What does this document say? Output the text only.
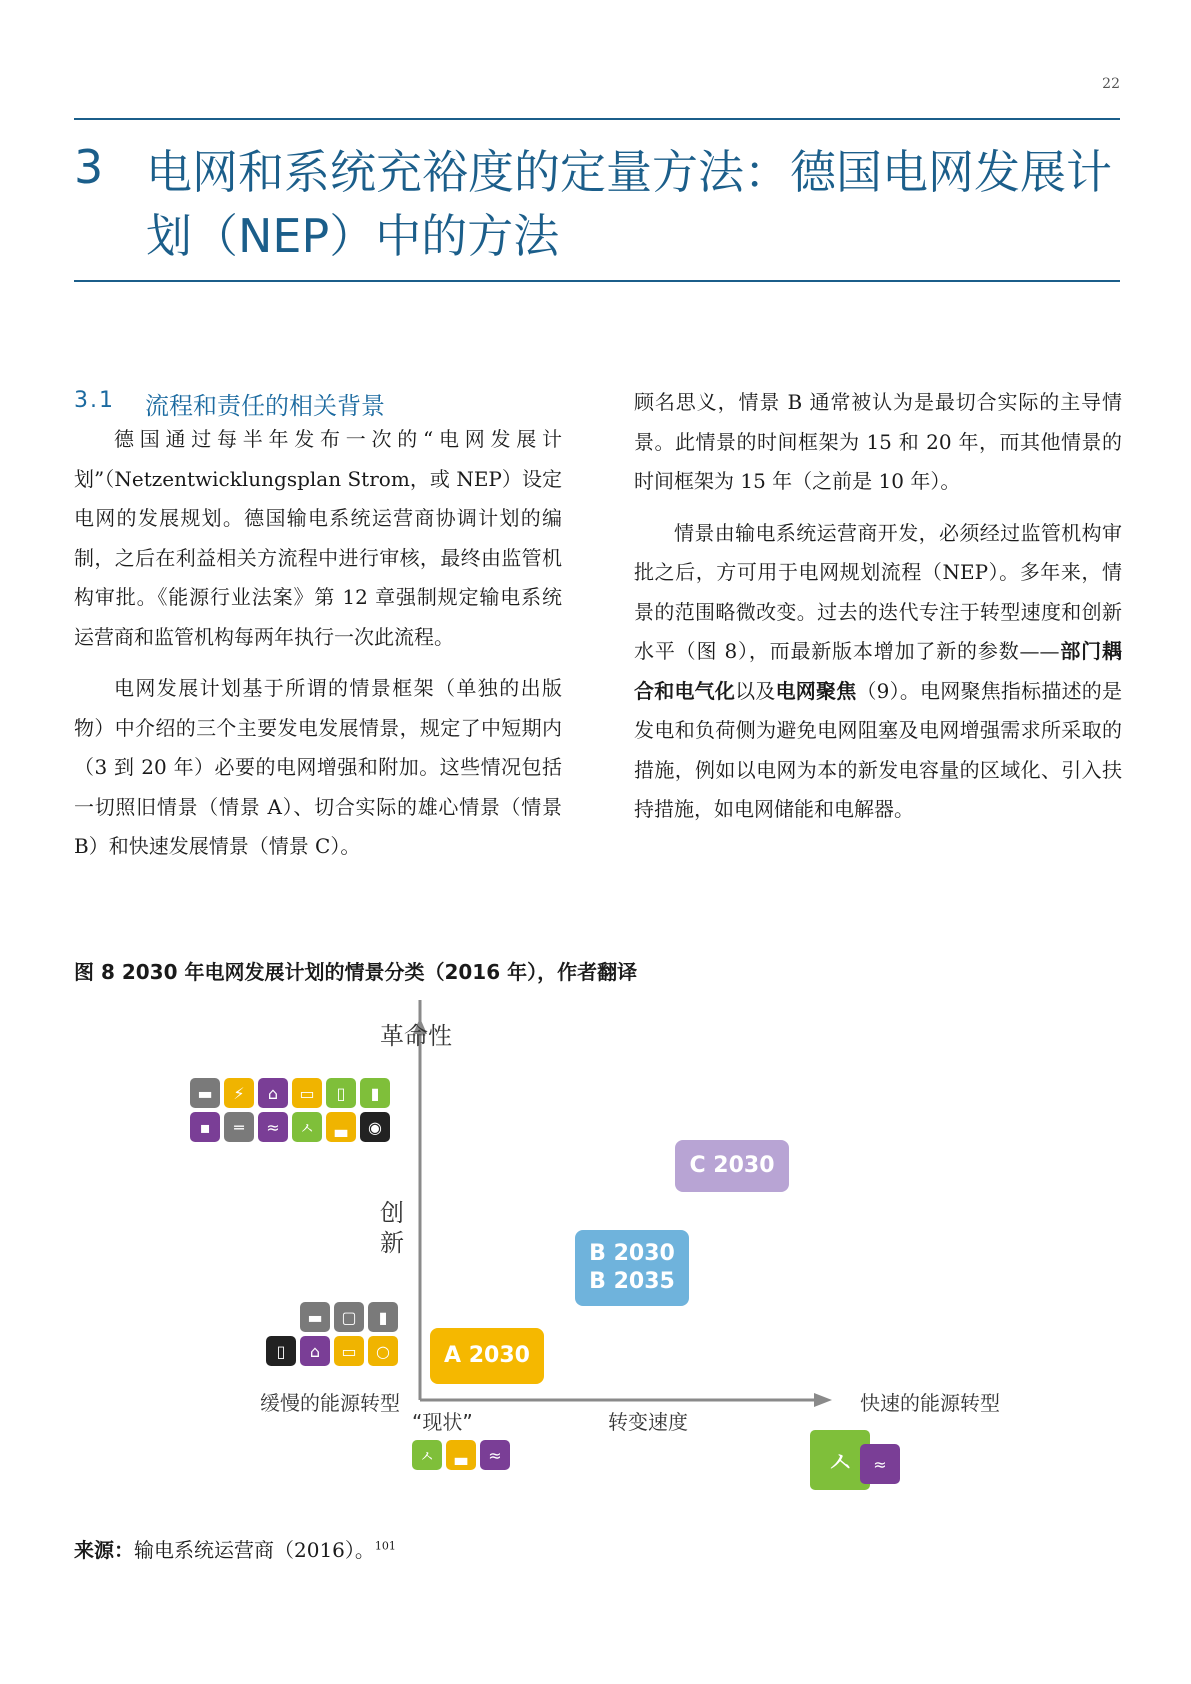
22
3 电网和系统充裕度的定量方法：德国电网发展计划（NEP）中的方法
3.1 流程和责任的相关背景

德国通过每半年发布一次的“电网发展计划”（Netzentwicklungsplan Strom，或 NEP）设定电网的发展规划。德国输电系统运营商协调计划的编制，之后在利益相关方流程中进行审核，最终由监管机构审批。《能源行业法案》第 12 章强制规定输电系统运营商和监管机构每两年执行一次此流程。

电网发展计划基于所谓的情景框架（单独的出版物）中介绍的三个主要发电发展情景，规定了中短期内（3 到 20 年）必要的电网增强和附加。这些情况包括一切照旧情景（情景 A）、切合实际的雄心情景（情景 B）和快速发展情景（情景 C）。

顾名思义，情景 B 通常被认为是最切合实际的主导情景。此情景的时间框架为 15 和 20 年，而其他情景的时间框架为 15 年（之前是 10 年）。

情景由输电系统运营商开发，必须经过监管机构审批之后，方可用于电网规划流程（NEP）。多年来，情景的范围略微改变。过去的迭代专注于转型速度和创新水平（图 8），而最新版本增加了新的参数——部门耦合和电气化以及电网聚焦（9）。电网聚焦指标描述的是发电和负荷侧为避免电网阻塞及电网增强需求所采取的措施，例如以电网为本的新发电容量的区域化、引入扶持措施，如电网储能和电解器。

图 8 2030 年电网发展计划的情景分类（2016 年），作者翻译
革命性
创新
缓慢的能源转型
转变速度
快速的能源转型
“现状”
A 2030
B 2030
B 2035
C 2030
▬	⚡	⌂	▭	▯	▮
▪	═	≈	ㅅ	▃	◉
▬	▢	▮
▯	⌂	▭	○
ㅅ	▃	≈	ㅅ	≈
来源：输电系统运营商（2016）。$^{101}$
